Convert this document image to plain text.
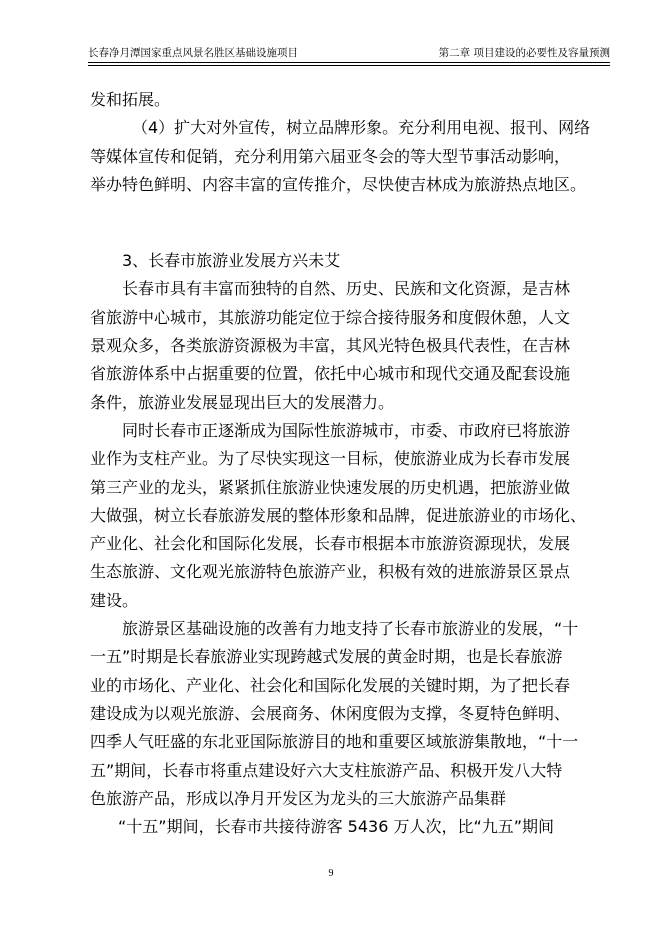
长春净月潭国家重点风景名胜区基础设施项目	第二章 项目建设的必要性及容量预测
发和拓展。
（4）扩大对外宣传，树立品牌形象。充分利用电视、报刊、网络
等媒体宣传和促销，充分利用第六届亚冬会的等大型节事活动影响，
举办特色鲜明、内容丰富的宣传推介，尽快使吉林成为旅游热点地区。
3、长春市旅游业发展方兴未艾
长春市具有丰富而独特的自然、历史、民族和文化资源，是吉林
省旅游中心城市，其旅游功能定位于综合接待服务和度假休憩，人文
景观众多，各类旅游资源极为丰富，其风光特色极具代表性，在吉林
省旅游体系中占据重要的位置，依托中心城市和现代交通及配套设施
条件，旅游业发展显现出巨大的发展潜力。
同时长春市正逐渐成为国际性旅游城市，市委、市政府已将旅游
业作为支柱产业。为了尽快实现这一目标，使旅游业成为长春市发展
第三产业的龙头，紧紧抓住旅游业快速发展的历史机遇，把旅游业做
大做强，树立长春旅游发展的整体形象和品牌，促进旅游业的市场化、
产业化、社会化和国际化发展，长春市根据本市旅游资源现状，发展
生态旅游、文化观光旅游特色旅游产业，积极有效的进旅游景区景点
建设。
旅游景区基础设施的改善有力地支持了长春市旅游业的发展，“十
一五”时期是长春旅游业实现跨越式发展的黄金时期，也是长春旅游
业的市场化、产业化、社会化和国际化发展的关键时期，为了把长春
建设成为以观光旅游、会展商务、休闲度假为支撑，冬夏特色鲜明、
四季人气旺盛的东北亚国际旅游目的地和重要区域旅游集散地，“十一
五”期间，长春市将重点建设好六大支柱旅游产品、积极开发八大特
色旅游产品，形成以净月开发区为龙头的三大旅游产品集群
“十五”期间，长春市共接待游客 5436 万人次，比“九五”期间
9
